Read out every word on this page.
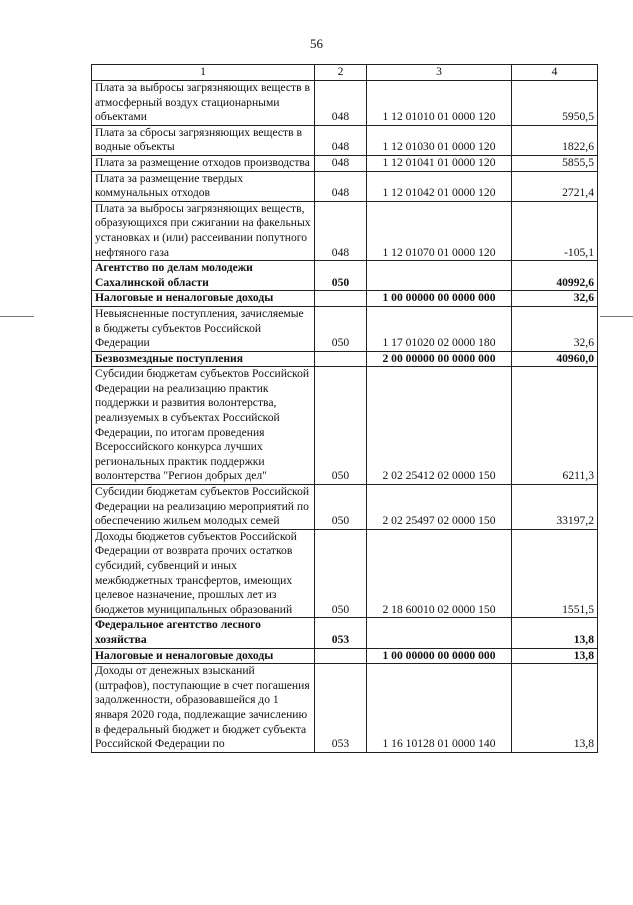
56
1	2	3	4
Плата за выбросы загрязняющих веществ в атмосферный воздух стационарными объектами	048	1 12 01010 01 0000 120	5950,5
Плата за сбросы загрязняющих веществ в водные объекты	048	1 12 01030 01 0000 120	1822,6
Плата за размещение отходов производства	048	1 12 01041 01 0000 120	5855,5
Плата за размещение твердых коммунальных отходов	048	1 12 01042 01 0000 120	2721,4
Плата за выбросы загрязняющих веществ, образующихся при сжигании на факельных установках и (или) рассеивании попутного нефтяного газа	048	1 12 01070 01 0000 120	-105,1
Агентство по делам молодежи Сахалинской области	050		40992,6
Налоговые и неналоговые доходы		1 00 00000 00 0000 000	32,6
Невыясненные поступления, зачисляемые в бюджеты субъектов Российской Федерации	050	1 17 01020 02 0000 180	32,6
Безвозмездные поступления		2 00 00000 00 0000 000	40960,0
Субсидии бюджетам субъектов Российской Федерации на реализацию практик поддержки и развития волонтерства, реализуемых в субъектах Российской Федерации, по итогам проведения Всероссийского конкурса лучших региональных практик поддержки волонтерства "Регион добрых дел"	050	2 02 25412 02 0000 150	6211,3
Субсидии бюджетам субъектов Российской Федерации на реализацию мероприятий по обеспечению жильем молодых семей	050	2 02 25497 02 0000 150	33197,2
Доходы бюджетов субъектов Российской Федерации от возврата прочих остатков субсидий, субвенций и иных межбюджетных трансфертов, имеющих целевое назначение, прошлых лет из бюджетов муниципальных образований	050	2 18 60010 02 0000 150	1551,5
Федеральное агентство лесного хозяйства	053		13,8
Налоговые и неналоговые доходы		1 00 00000 00 0000 000	13,8
Доходы от денежных взысканий (штрафов), поступающие в счет погашения задолженности, образовавшейся до 1 января 2020 года, подлежащие зачислению в федеральный бюджет и бюджет субъекта Российской Федерации по	053	1 16 10128 01 0000 140	13,8
